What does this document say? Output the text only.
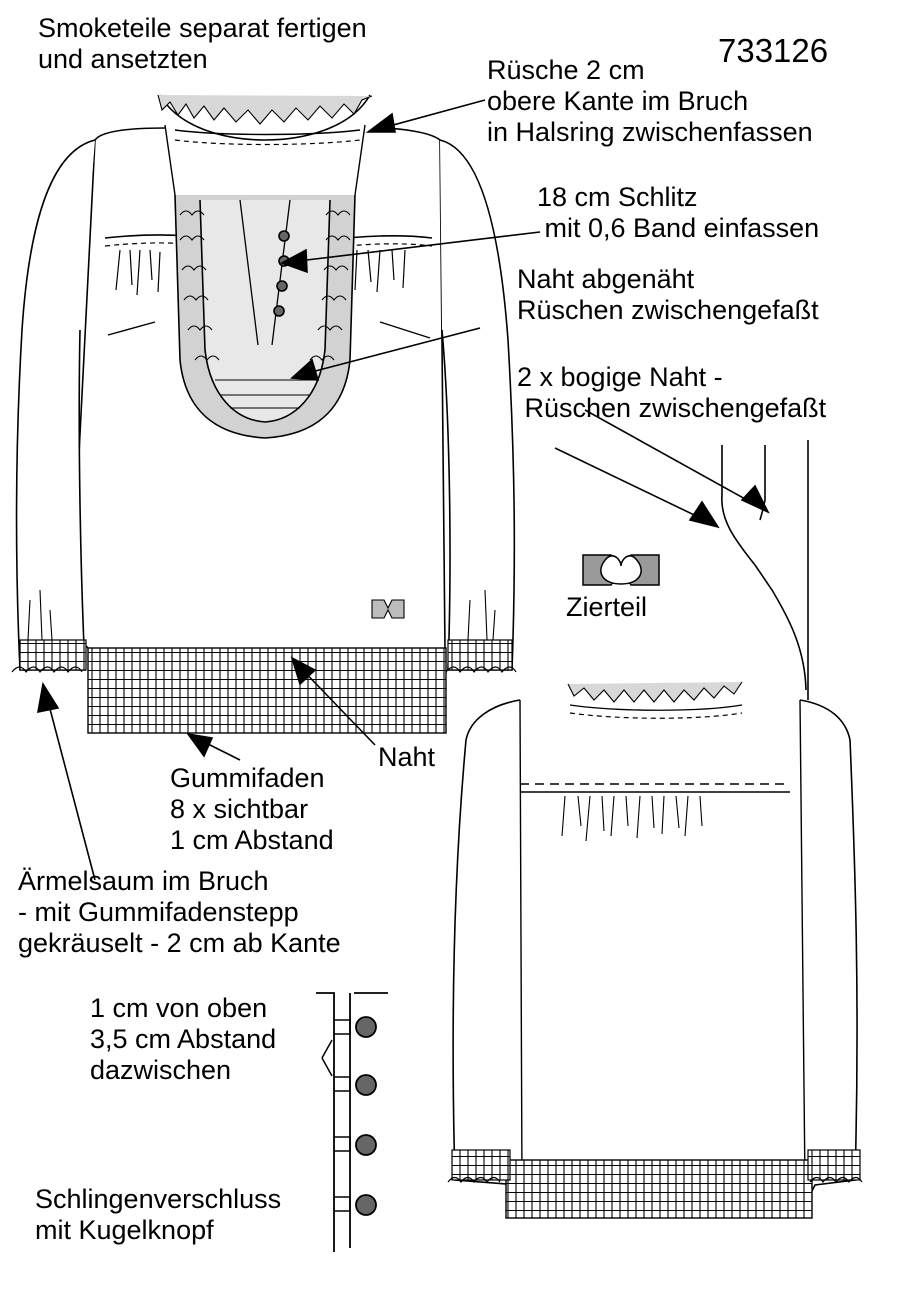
Smoketeile separat fertigen
und ansetzten	733126
Rüsche 2 cm
obere Kante im Bruch
in Halsring zwischenfassen
18 cm Schlitz
mit 0,6 Band einfassen
Naht abgenäht
Rüschen zwischengefaßt
2 x bogige Naht -
Rüschen zwischengefaßt
Zierteil
Naht
Gummifaden
8 x sichtbar
1 cm Abstand
Ärmelsaum im Bruch
- mit Gummifadenstepp
gekräuselt - 2 cm ab Kante
1 cm von oben
3,5 cm Abstand
dazwischen
Schlingenverschluss
mit Kugelknopf
